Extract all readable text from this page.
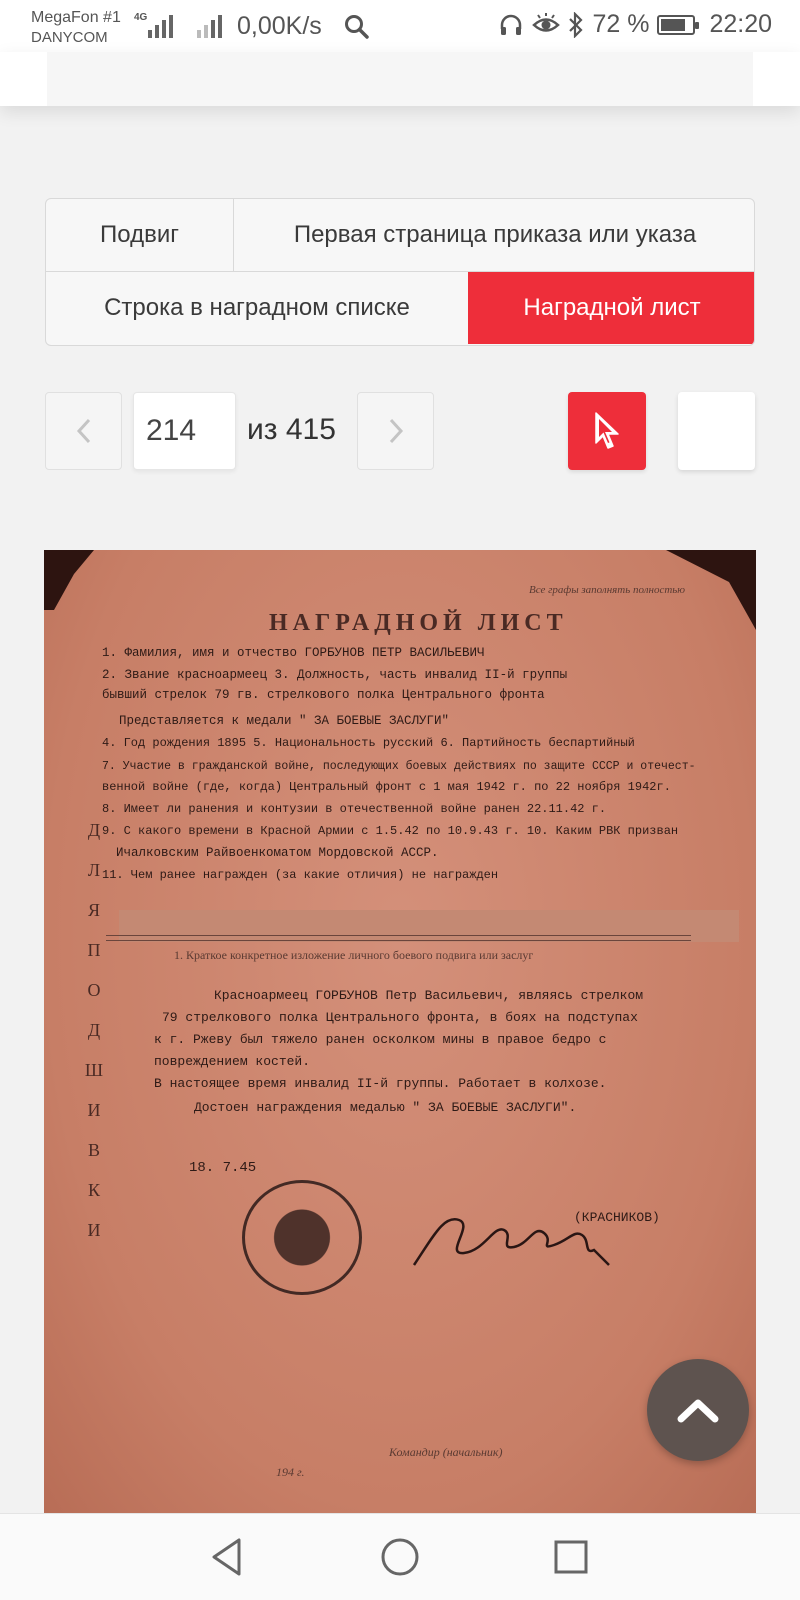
MegaFon #1
DANYCOM
4G	0,00K/s	72 % 22:20
Подвиг	Первая страница приказа или указа
Строка в наградном списке	Наградной лист
214	из 415
Все графы заполнять полностью
НАГРАДНОЙ ЛИСТ
1. Фамилия, имя и отчество ГОРБУНОВ ПЕТР ВАСИЛЬЕВИЧ
2. Звание красноармеец 3. Должность, часть инвалид II-й группы
бывший стрелок 79 гв. стрелкового полка Центрального фронта
Представляется к медали " ЗА БОЕВЫЕ ЗАСЛУГИ"
4. Год рождения 1895 5. Национальность русский 6. Партийность беспартийный
7. Участие в гражданской войне, последующих боевых действиях по защите СССР и отечест-
венной войне (где, когда) Центральный фронт с 1 мая 1942 г. по 22 ноября 1942г.
8. Имеет ли ранения и контузии в отечественной войне ранен 22.11.42 г.
9. С какого времени в Красной Армии с 1.5.42 по 10.9.43 г. 10. Каким РВК призван
Ичалковским Райвоенкоматом Мордовской АССР.
11. Чем ранее награжден (за какие отличия) не награжден
1. Краткое конкретное изложение личного боевого подвига или заслуг
Красноармеец ГОРБУНОВ Петр Васильевич, являясь стрелком
79 стрелкового полка Центрального фронта, в боях на подступах
к г. Ржеву был тяжело ранен осколком мины в правое бедро с
повреждением костей.
В настоящее время инвалид II-й группы. Работает в колхозе.
Достоен награждения медалью " ЗА БОЕВЫЕ ЗАСЛУГИ".
18. 7.45
(КРАСНИКОВ)
ДЛЯ ПОДШИВКИ
Командир (начальник)
194 г.
